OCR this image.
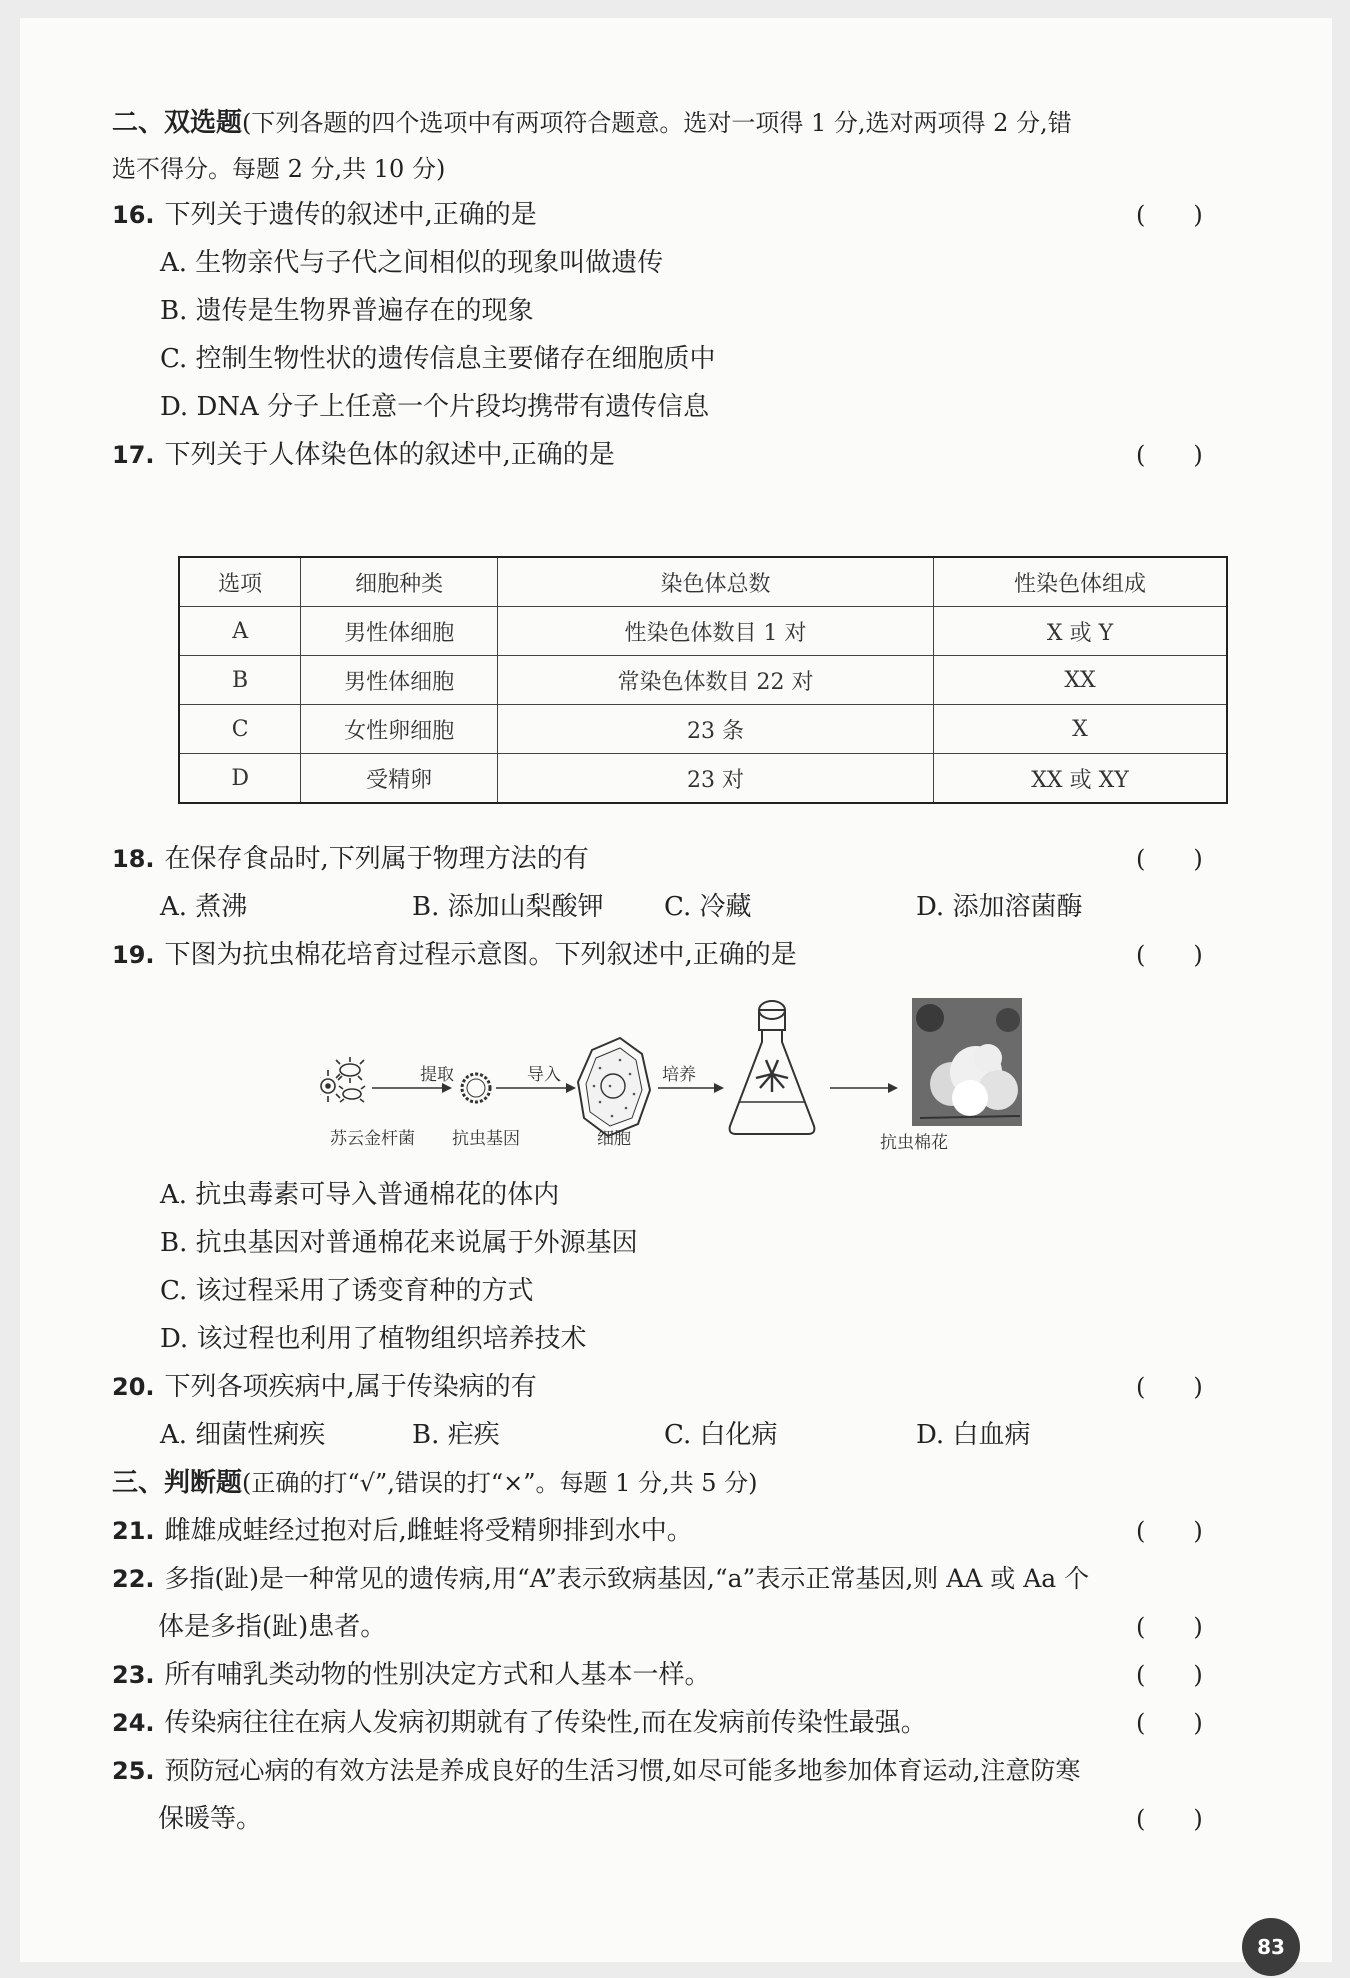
二、双选题(下列各题的四个选项中有两项符合题意。选对一项得 1 分,选对两项得 2 分,错
选不得分。每题 2 分,共 10 分)
16. 下列关于遗传的叙述中,正确的是	(　　)
A. 生物亲代与子代之间相似的现象叫做遗传
B. 遗传是生物界普遍存在的现象
C. 控制生物性状的遗传信息主要储存在细胞质中
D. DNA 分子上任意一个片段均携带有遗传信息
17. 下列关于人体染色体的叙述中,正确的是	(　　)
选项	细胞种类	染色体总数	性染色体组成
A	男性体细胞	性染色体数目 1 对	X 或 Y
B	男性体细胞	常染色体数目 22 对	XX
C	女性卵细胞	23 条	X
D	受精卵	23 对	XX 或 XY
18. 在保存食品时,下列属于物理方法的有	(　　)
A. 煮沸	B. 添加山梨酸钾 C. 冷藏	D. 添加溶菌酶
19. 下图为抗虫棉花培育过程示意图。下列叙述中,正确的是	(　　)
提取	导入	培养
苏云金杆菌 抗虫基因	细胞	抗虫棉花
A. 抗虫毒素可导入普通棉花的体内
B. 抗虫基因对普通棉花来说属于外源基因
C. 该过程采用了诱变育种的方式
D. 该过程也利用了植物组织培养技术
20. 下列各项疾病中,属于传染病的有	(　　)
A. 细菌性痢疾	B. 疟疾	C. 白化病	D. 白血病
三、判断题(正确的打“√”,错误的打“×”。每题 1 分,共 5 分)
21. 雌雄成蛙经过抱对后,雌蛙将受精卵排到水中。	(　　)
22. 多指(趾)是一种常见的遗传病,用“A”表示致病基因,“a”表示正常基因,则 AA 或 Aa 个
体是多指(趾)患者。	(　　)
23. 所有哺乳类动物的性别决定方式和人基本一样。	(　　)
24. 传染病往往在病人发病初期就有了传染性,而在发病前传染性最强。	(　　)
25. 预防冠心病的有效方法是养成良好的生活习惯,如尽可能多地参加体育运动,注意防寒
保暖等。	(　　)
83
